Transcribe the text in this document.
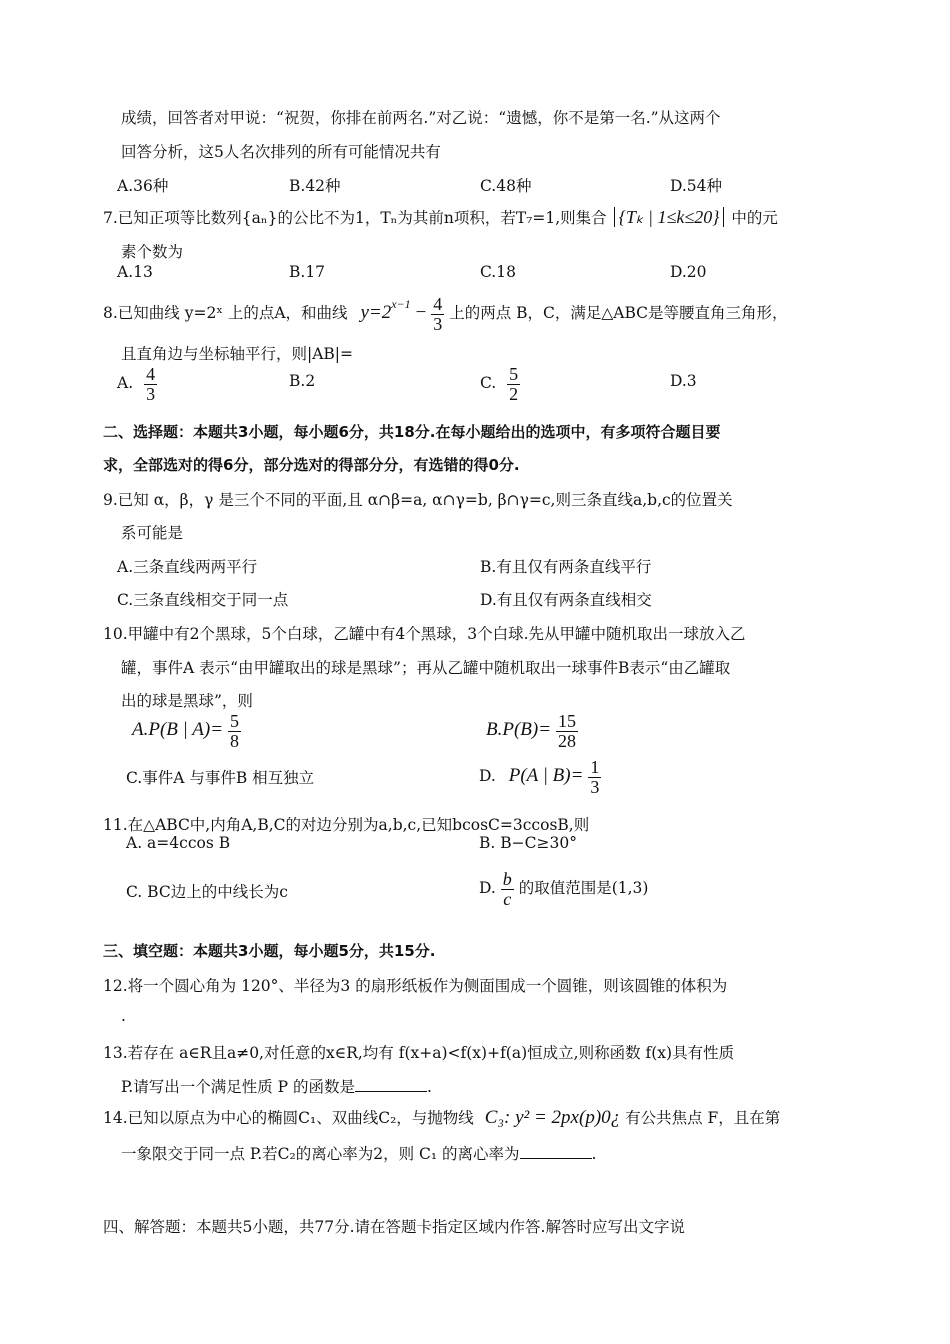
成绩，回答者对甲说：“祝贺，你排在前两名.”对乙说：“遗憾，你不是第一名.”从这两个
回答分析，这5人名次排列的所有可能情况共有
A.36种	B.42种	C.48种	D.54种
7.已知正项等比数列{aₙ}的公比不为1，Tₙ为其前n项积，若T₇=1,则集合 {Tₖ | 1≤k≤20} 中的元
素个数为
A.13	B.17	C.18	D.20
8.已知曲线 y=2ˣ 上的点A，和曲线 $y=2^{x-1} - \frac{4}{3}$ 上的两点 B，C，满足△ABC是等腰直角三角形，
且直角边与坐标轴平行，则|AB|=
A. $\frac{4}{3}$	B.2	C. $\frac{5}{2}$	D.3
二、选择题：本题共3小题，每小题6分，共18分.在每小题给出的选项中，有多项符合题目要
求，全部选对的得6分，部分选对的得部分分，有选错的得0分.
9.已知 α，β，γ 是三个不同的平面,且 α∩β=a, α∩γ=b, β∩γ=c,则三条直线a,b,c的位置关
系可能是
A.三条直线两两平行	B.有且仅有两条直线平行
C.三条直线相交于同一点	D.有且仅有两条直线相交
10.甲罐中有2个黑球，5个白球，乙罐中有4个黑球，3个白球.先从甲罐中随机取出一球放入乙
罐，事件A 表示“由甲罐取出的球是黑球”；再从乙罐中随机取出一球事件B表示“由乙罐取
出的球是黑球”，则
A.P(B | $A)= \frac{5}{8}$	$B.P(B)= \frac{15}{28}$
C.事件A 与事件B 相互独立	D. P(A | $B)= \frac{1}{3}$
11.在△ABC中,内角A,B,C的对边分别为a,b,c,已知bcosC=3ccosB,则
A. a=4ccos B	B. B−C≥30°
C. BC边上的中线长为c	D. $\frac{b}{c}$ 的取值范围是(1,3)
三、填空题：本题共3小题，每小题5分，共15分.
12.将一个圆心角为 120°、半径为3 的扇形纸板作为侧面围成一个圆锥，则该圆锥的体积为
.
13.若存在 a∈R且a≠0,对任意的x∈R,均有 f(x+a)<f(x)+f(a)恒成立,则称函数 f(x)具有性质
P.请写出一个满足性质 P 的函数是	.
14.已知以原点为中心的椭圆C₁、双曲线C₂，与抛物线 C₃: y² = 2px(p)0¿ 有公共焦点 F，且在第
一象限交于同一点 P.若C₂的离心率为2，则 C₁ 的离心率为	.
四、解答题：本题共5小题，共77分.请在答题卡指定区域内作答.解答时应写出文字说
